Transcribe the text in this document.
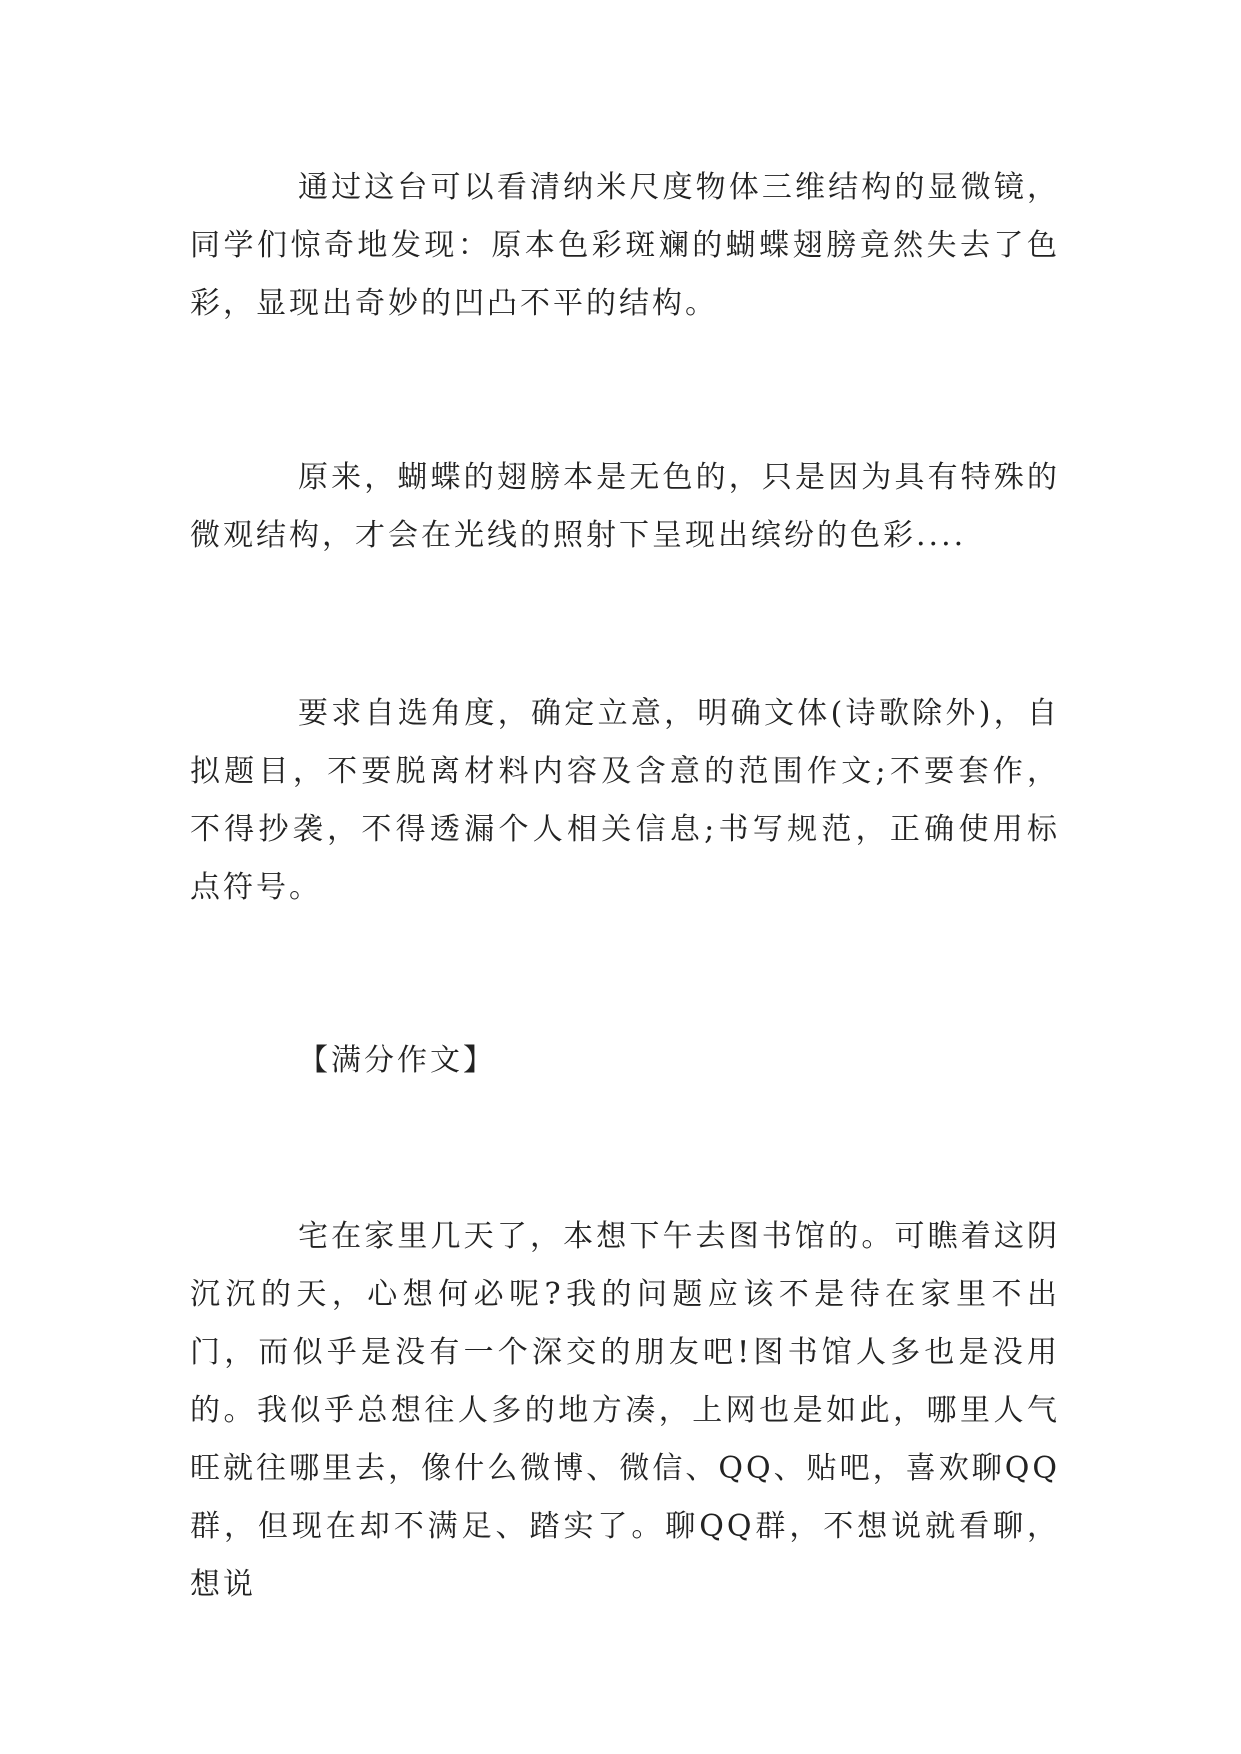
通过这台可以看清纳米尺度物体三维结构的显微镜，同学们惊奇地发现：原本色彩斑斓的蝴蝶翅膀竟然失去了色彩，显现出奇妙的凹凸不平的结构。

原来，蝴蝶的翅膀本是无色的，只是因为具有特殊的微观结构，才会在光线的照射下呈现出缤纷的色彩....

要求自选角度，确定立意，明确文体(诗歌除外)，自拟题目，不要脱离材料内容及含意的范围作文;不要套作，不得抄袭，不得透漏个人相关信息;书写规范，正确使用标点符号。

【满分作文】

宅在家里几天了，本想下午去图书馆的。可瞧着这阴沉沉的天，心想何必呢?我的问题应该不是待在家里不出门，而似乎是没有一个深交的朋友吧!图书馆人多也是没用的。我似乎总想往人多的地方凑，上网也是如此，哪里人气旺就往哪里去，像什么微博、微信、QQ、贴吧，喜欢聊QQ群，但现在却不满足、踏实了。聊QQ群，不想说就看聊，想说
